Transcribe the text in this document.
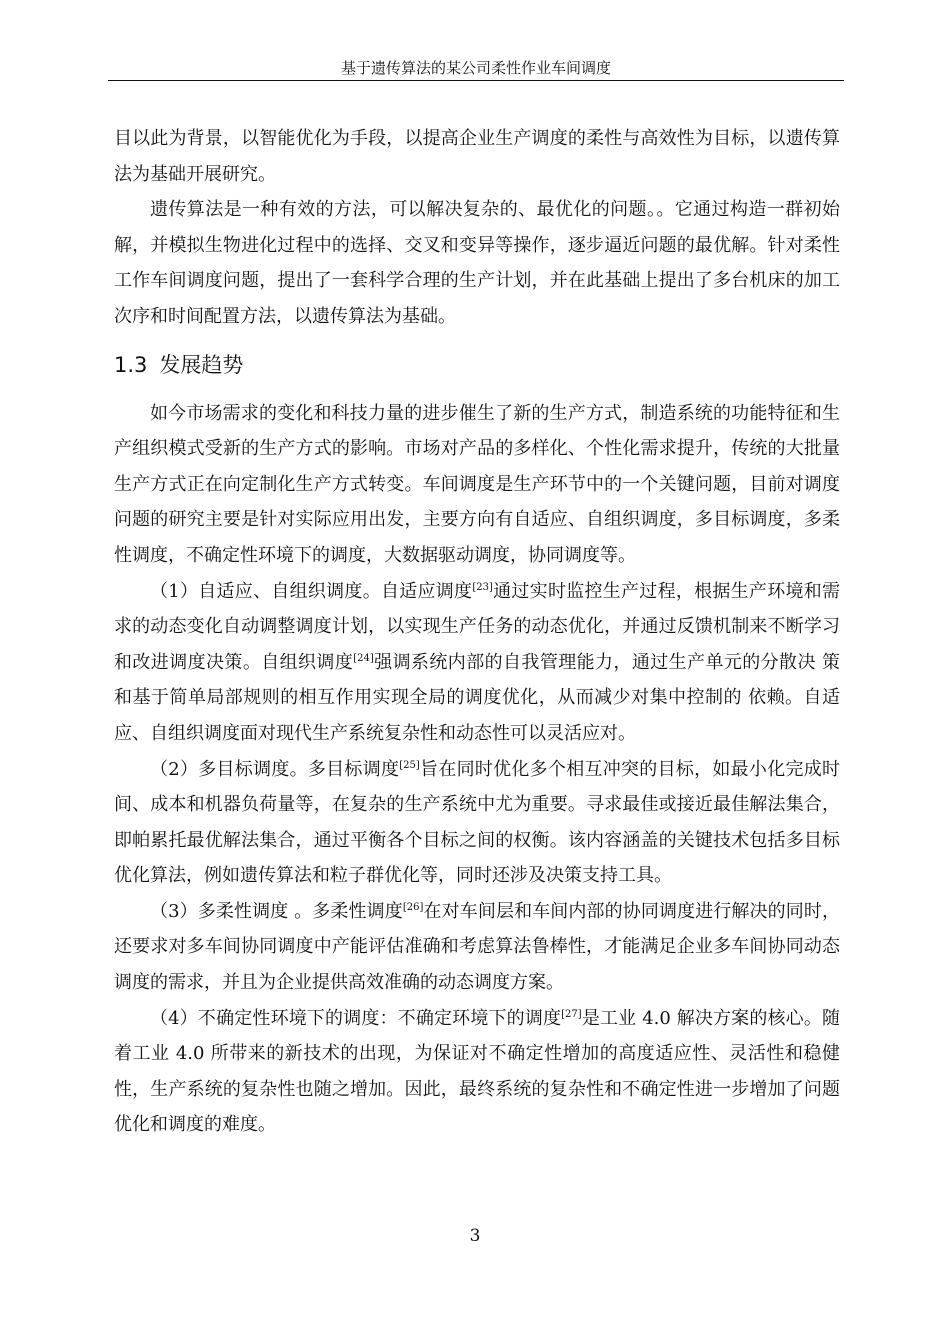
基于遗传算法的某公司柔性作业车间调度

目以此为背景，以智能优化为手段，以提高企业生产调度的柔性与高效性为目标，以遗传算法为基础开展研究。

遗传算法是一种有效的方法，可以解决复杂的、最优化的问题。。它通过构造一群初始解，并模拟生物进化过程中的选择、交叉和变异等操作，逐步逼近问题的最优解。针对柔性工作车间调度问题，提出了一套科学合理的生产计划，并在此基础上提出了多台机床的加工次序和时间配置方法，以遗传算法为基础。

1.3 发展趋势

如今市场需求的变化和科技力量的进步催生了新的生产方式，制造系统的功能特征和生产组织模式受新的生产方式的影响。市场对产品的多样化、个性化需求提升，传统的大批量生产方式正在向定制化生产方式转变。车间调度是生产环节中的一个关键问题，目前对调度问题的研究主要是针对实际应用出发，主要方向有自适应、自组织调度，多目标调度，多柔性调度，不确定性环境下的调度，大数据驱动调度，协同调度等。

（1）自适应、自组织调度。自适应调度[23]通过实时监控生产过程，根据生产环境和需求的动态变化自动调整调度计划，以实现生产任务的动态优化，并通过反馈机制来不断学习和改进调度决策。自组织调度[24]强调系统内部的自我管理能力，通过生产单元的分散决 策和基于简单局部规则的相互作用实现全局的调度优化，从而减少对集中控制的 依赖。自适应、自组织调度面对现代生产系统复杂性和动态性可以灵活应对。

（2）多目标调度。多目标调度[25]旨在同时优化多个相互冲突的目标，如最小化完成时间、成本和机器负荷量等，在复杂的生产系统中尤为重要。寻求最佳或接近最佳解法集合，即帕累托最优解法集合，通过平衡各个目标之间的权衡。该内容涵盖的关键技术包括多目标优化算法，例如遗传算法和粒子群优化等，同时还涉及决策支持工具。

（3）多柔性调度 。多柔性调度[26]在对车间层和车间内部的协同调度进行解决的同时，还要求对多车间协同调度中产能评估准确和考虑算法鲁棒性，才能满足企业多车间协同动态调度的需求，并且为企业提供高效准确的动态调度方案。

（4）不确定性环境下的调度：不确定环境下的调度[27]是工业 4.0 解决方案的核心。随着工业 4.0 所带来的新技术的出现，为保证对不确定性增加的高度适应性、灵活性和稳健性，生产系统的复杂性也随之增加。因此，最终系统的复杂性和不确定性进一步增加了问题优化和调度的难度。

3
